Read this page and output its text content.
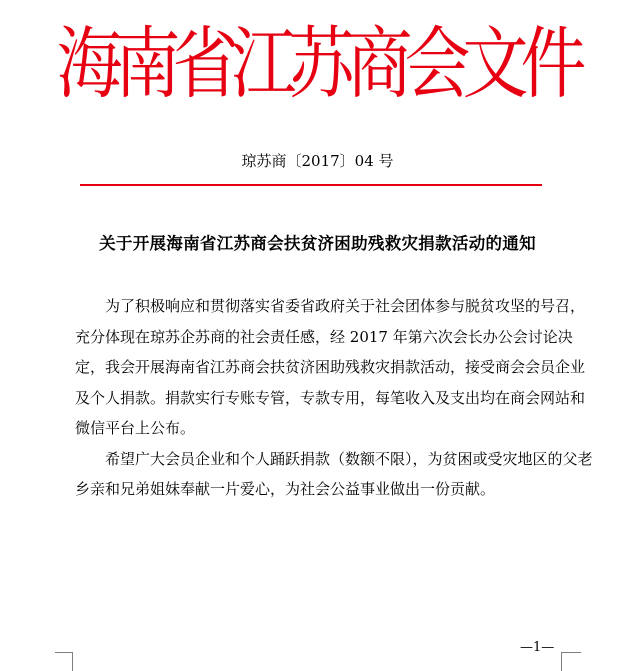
海南省江苏商会文件
琼苏商〔2017〕04 号
关于开展海南省江苏商会扶贫济困助残救灾捐款活动的通知

为了积极响应和贯彻落实省委省政府关于社会团体参与脱贫攻坚的号召，充分体现在琼苏企苏商的社会责任感，经 2017 年第六次会长办公会讨论决定，我会开展海南省江苏商会扶贫济困助残救灾捐款活动，接受商会会员企业及个人捐款。捐款实行专账专管，专款专用，每笔收入及支出均在商会网站和微信平台上公布。

希望广大会员企业和个人踊跃捐款（数额不限），为贫困或受灾地区的父老乡亲和兄弟姐妹奉献一片爱心，为社会公益事业做出一份贡献。

—1—
